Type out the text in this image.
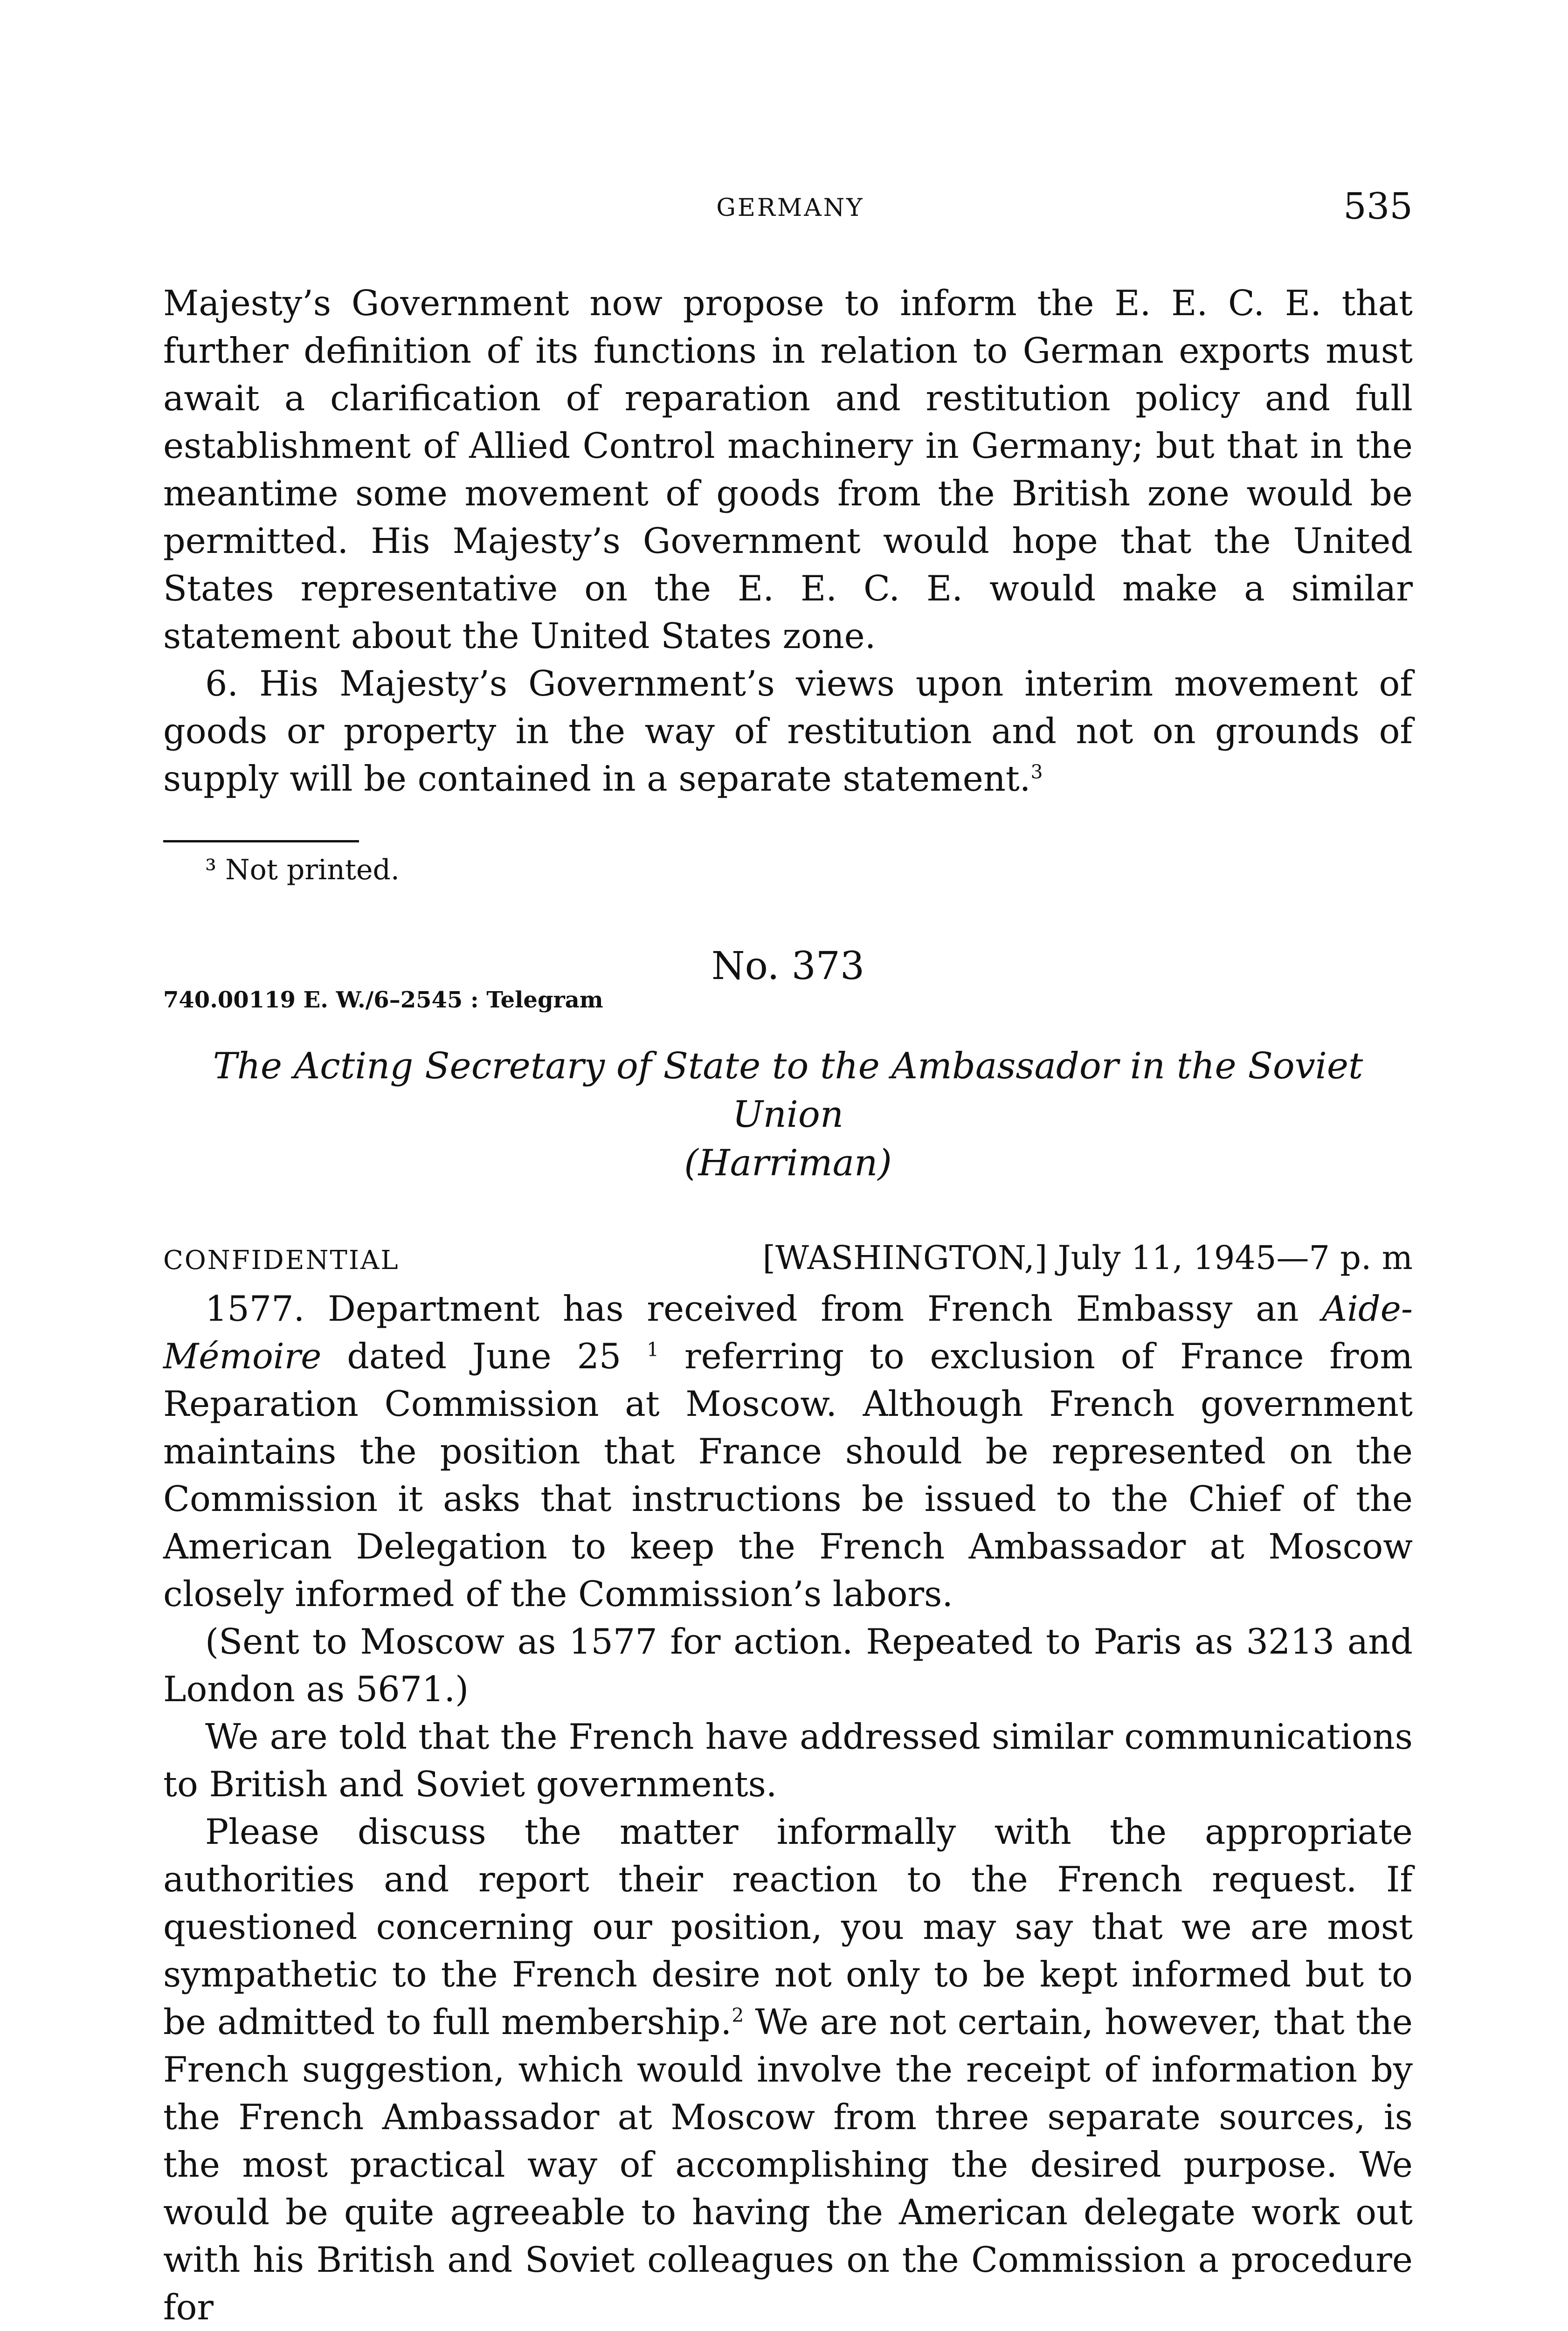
GERMANY	535

Majesty’s Government now propose to inform the E. E. C. E. that further definition of its functions in relation to German exports must await a clarification of reparation and restitution policy and full establishment of Allied Control machinery in Germany; but that in the meantime some movement of goods from the British zone would be permitted. His Majesty’s Government would hope that the United States representative on the E. E. C. E. would make a similar statement about the United States zone.

6. His Majesty’s Government’s views upon interim movement of goods or property in the way of restitution and not on grounds of supply will be contained in a separate statement.$^3$

³ Not printed.

No. 373
740.00119 E. W./6–2545 : Telegram
The Acting Secretary of State to the Ambassador in the Soviet Union
(Harriman)
CONFIDENTIAL	[WASHINGTON,] July 11, 1945—7 p. m

1577. Department has received from French Embassy an Aide-Mémoire dated June 25 $^1$ referring to exclusion of France from Reparation Commission at Moscow. Although French government maintains the position that France should be represented on the Commission it asks that instructions be issued to the Chief of the American Delegation to keep the French Ambassador at Moscow closely informed of the Commission’s labors.

(Sent to Moscow as 1577 for action. Repeated to Paris as 3213 and London as 5671.)

We are told that the French have addressed similar communications to British and Soviet governments.

Please discuss the matter informally with the appropriate authorities and report their reaction to the French request. If questioned concerning our position, you may say that we are most sympathetic to the French desire not only to be kept informed but to be admitted to full membership.$^2$ We are not certain, however, that the French suggestion, which would involve the receipt of information by the French Ambassador at Moscow from three separate sources, is the most practical way of accomplishing the desired purpose. We would be quite agreeable to having the American delegate work out with his British and Soviet colleagues on the Commission a procedure for
